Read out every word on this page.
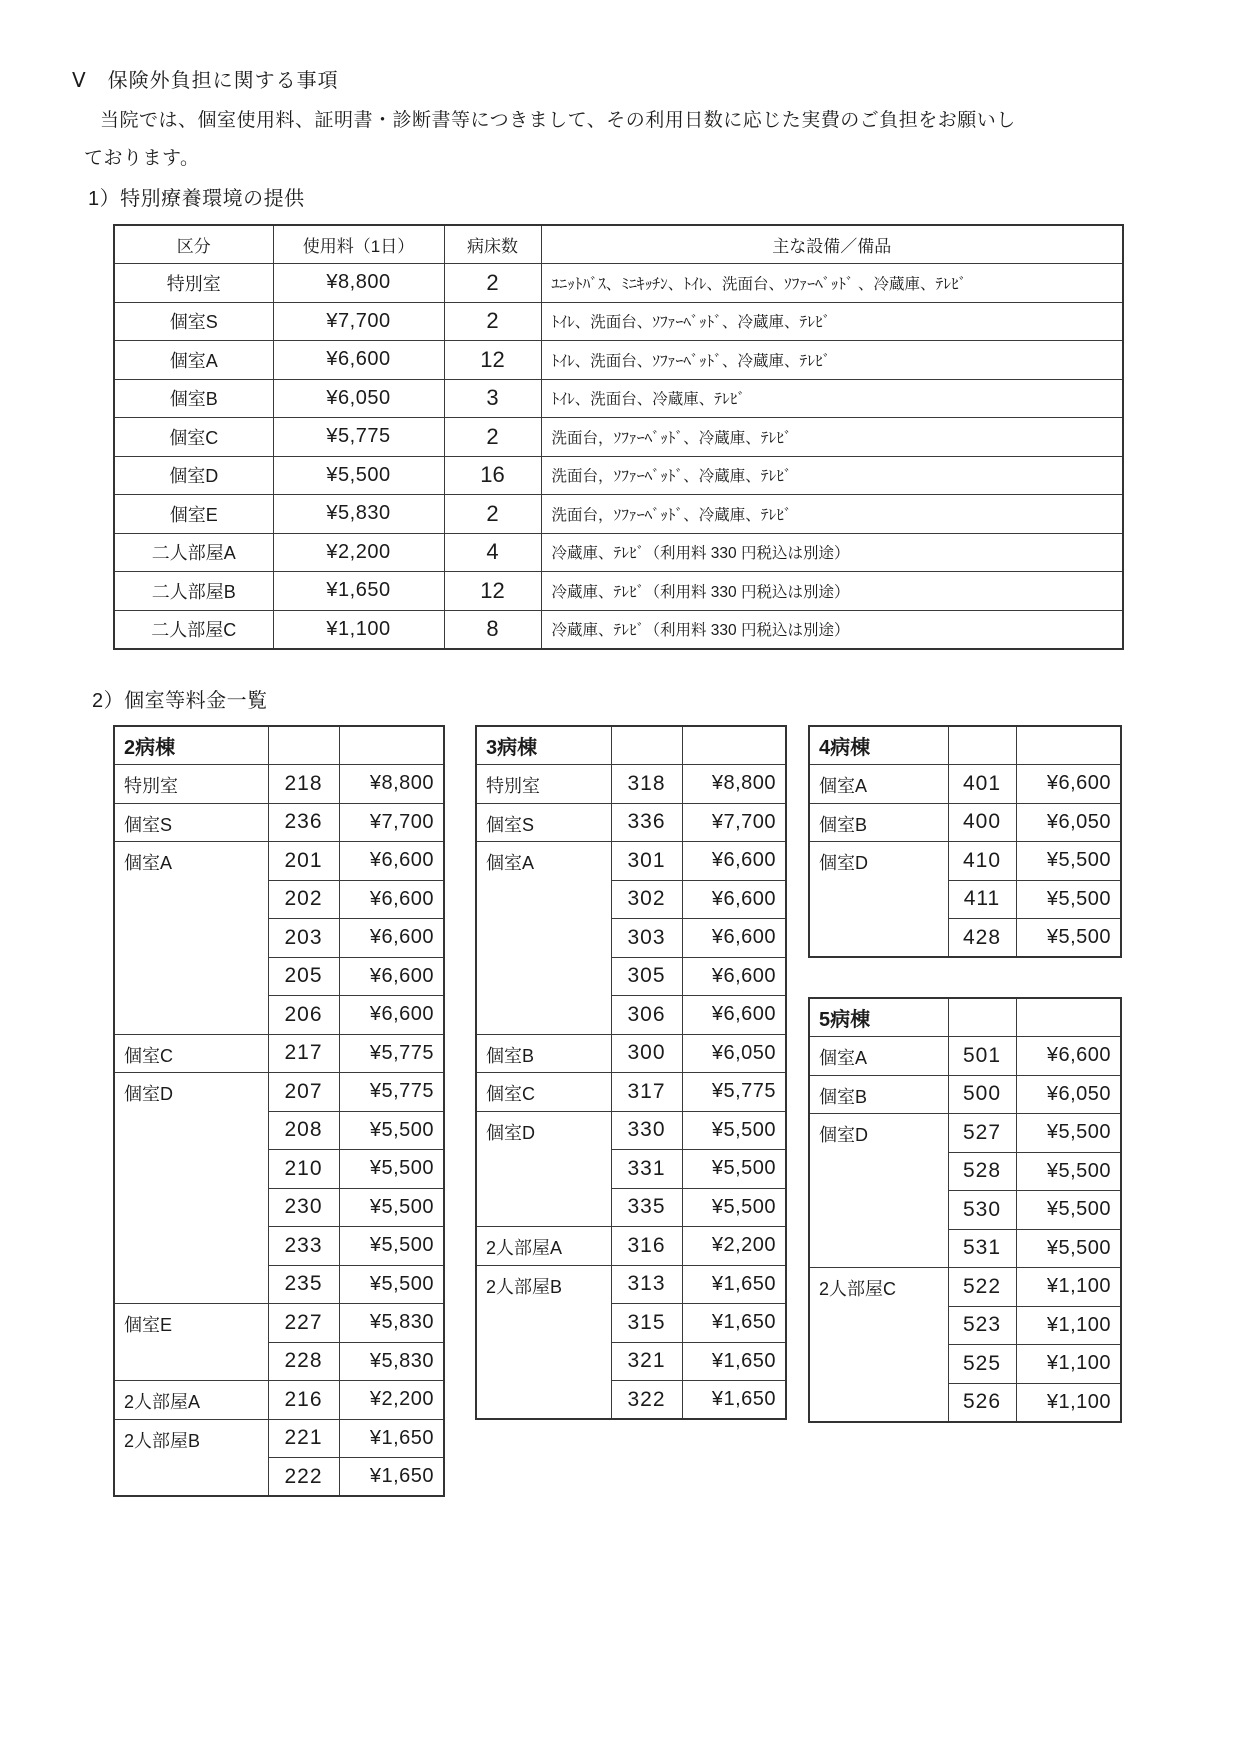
Ⅴ　保険外負担に関する事項
当院では、個室使用料、証明書・診断書等につきまして、その利用日数に応じた実費のご負担をお願いし
ております。
1）特別療養環境の提供
区分	使用料（1日）	病床数	主な設備／備品
特別室	¥8,800	2	ﾕﾆｯﾄﾊﾞｽ、ﾐﾆｷｯﾁﾝ、ﾄｲﾚ、洗面台、ｿﾌｧｰﾍﾞｯﾄﾞ 、冷蔵庫、ﾃﾚﾋﾞ
個室S	¥7,700	2	ﾄｲﾚ、洗面台、ｿﾌｧｰﾍﾞｯﾄﾞ、冷蔵庫、ﾃﾚﾋﾞ
個室A	¥6,600	12	ﾄｲﾚ、洗面台、ｿﾌｧｰﾍﾞｯﾄﾞ、冷蔵庫、ﾃﾚﾋﾞ
個室B	¥6,050	3	ﾄｲﾚ、洗面台、冷蔵庫、ﾃﾚﾋﾞ
個室C	¥5,775	2	洗面台，ｿﾌｧｰﾍﾞｯﾄﾞ、冷蔵庫、ﾃﾚﾋﾞ
個室D	¥5,500	16	洗面台，ｿﾌｧｰﾍﾞｯﾄﾞ、冷蔵庫、ﾃﾚﾋﾞ
個室E	¥5,830	2	洗面台，ｿﾌｧｰﾍﾞｯﾄﾞ、冷蔵庫、ﾃﾚﾋﾞ
二人部屋A	¥2,200	4	冷蔵庫、ﾃﾚﾋﾞ（利用料 330 円税込は別途）
二人部屋B	¥1,650	12	冷蔵庫、ﾃﾚﾋﾞ（利用料 330 円税込は別途）
二人部屋C	¥1,100	8	冷蔵庫、ﾃﾚﾋﾞ（利用料 330 円税込は別途）
2）個室等料金一覧
2病棟		
特別室	218	¥8,800
個室S	236	¥7,700
個室A	201	¥6,600
	202	¥6,600
	203	¥6,600
	205	¥6,600
	206	¥6,600
個室C	217	¥5,775
個室D	207	¥5,775
	208	¥5,500
	210	¥5,500
	230	¥5,500
	233	¥5,500
	235	¥5,500
個室E	227	¥5,830
	228	¥5,830
2人部屋A	216	¥2,200
2人部屋B	221	¥1,650
	222	¥1,650
3病棟		
特別室	318	¥8,800
個室S	336	¥7,700
個室A	301	¥6,600
	302	¥6,600
	303	¥6,600
	305	¥6,600
	306	¥6,600
個室B	300	¥6,050
個室C	317	¥5,775
個室D	330	¥5,500
	331	¥5,500
	335	¥5,500
2人部屋A	316	¥2,200
2人部屋B	313	¥1,650
	315	¥1,650
	321	¥1,650
	322	¥1,650
4病棟		
個室A	401	¥6,600
個室B	400	¥6,050
個室D	410	¥5,500
	411	¥5,500
	428	¥5,500
5病棟		
個室A	501	¥6,600
個室B	500	¥6,050
個室D	527	¥5,500
	528	¥5,500
	530	¥5,500
	531	¥5,500
2人部屋C	522	¥1,100
	523	¥1,100
	525	¥1,100
	526	¥1,100
